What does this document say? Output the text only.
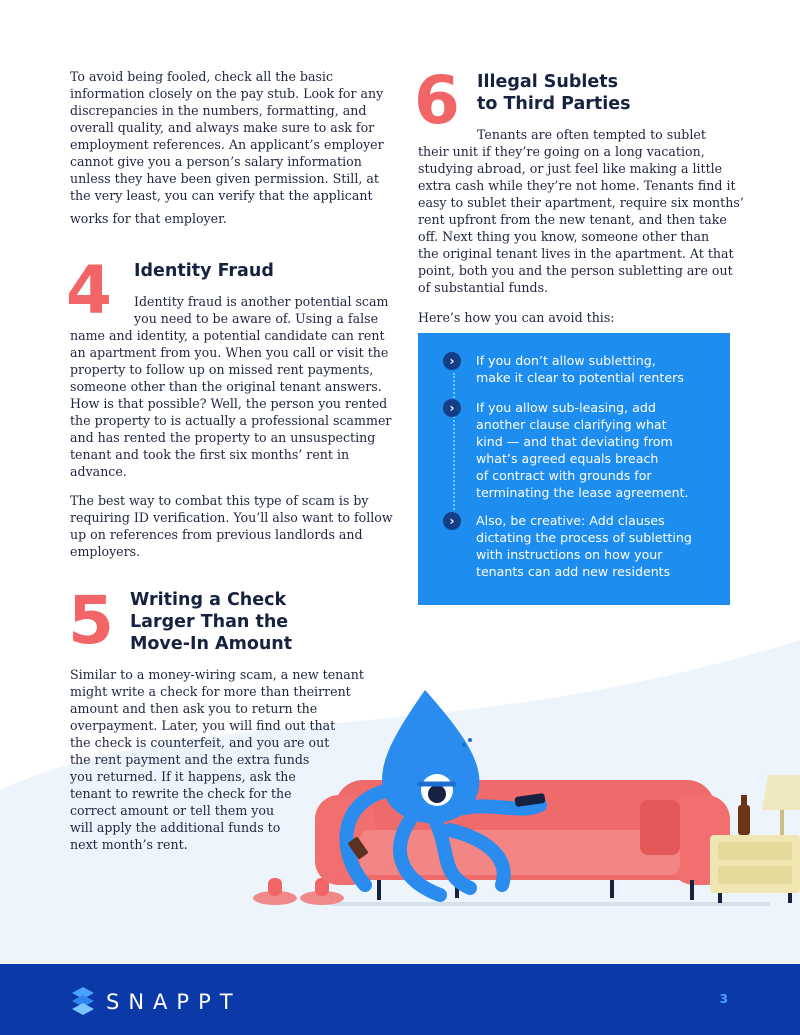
To avoid being fooled, check all the basic
information closely on the pay stub. Look for any
discrepancies in the numbers, formatting, and
overall quality, and always make sure to ask for
employment references. An applicant’s employer
cannot give you a person’s salary information
unless they have been given permission. Still, at
the very least, you can verify that the applicant

works for that employer.

4 Identity Fraud

Identity fraud is another potential scam
you need to be aware of. Using a false

name and identity, a potential candidate can rent
an apartment from you. When you call or visit the
property to follow up on missed rent payments,
someone other than the original tenant answers.
How is that possible? Well, the person you rented
the property to is actually a professional scammer
and has rented the property to an unsuspecting
tenant and took the first six months’ rent in
advance.

The best way to combat this type of scam is by
requiring ID verification. You’ll also want to follow
up on references from previous landlords and
employers.

5 Writing a Check
Larger Than the
Move-In Amount

Similar to a money-wiring scam, a new tenant
might write a check for more than theirrent
amount and then ask you to return the
overpayment. Later, you will find out that
the check is counterfeit, and you are out
the rent payment and the extra funds
you returned. If it happens, ask the
tenant to rewrite the check for the
correct amount or tell them you
will apply the additional funds to
next month’s rent.

6 Illegal Sublets
to Third Parties

Tenants are often tempted to sublet

their unit if they’re going on a long vacation,
studying abroad, or just feel like making a little
extra cash while they’re not home. Tenants find it
easy to sublet their apartment, require six months’
rent upfront from the new tenant, and then take
off. Next thing you know, someone other than
the original tenant lives in the apartment. At that
point, both you and the person subletting are out
of substantial funds.

Here’s how you can avoid this:

›	If you don’t allow subletting,
make it clear to potential renters

›	If you allow sub-leasing, add
another clause clarifying what
kind — and that deviating from
what’s agreed equals breach
of contract with grounds for
terminating the lease agreement.

›	Also, be creative: Add clauses
dictating the process of subletting
with instructions on how your
tenants can add new residents

SNAPPT	3
